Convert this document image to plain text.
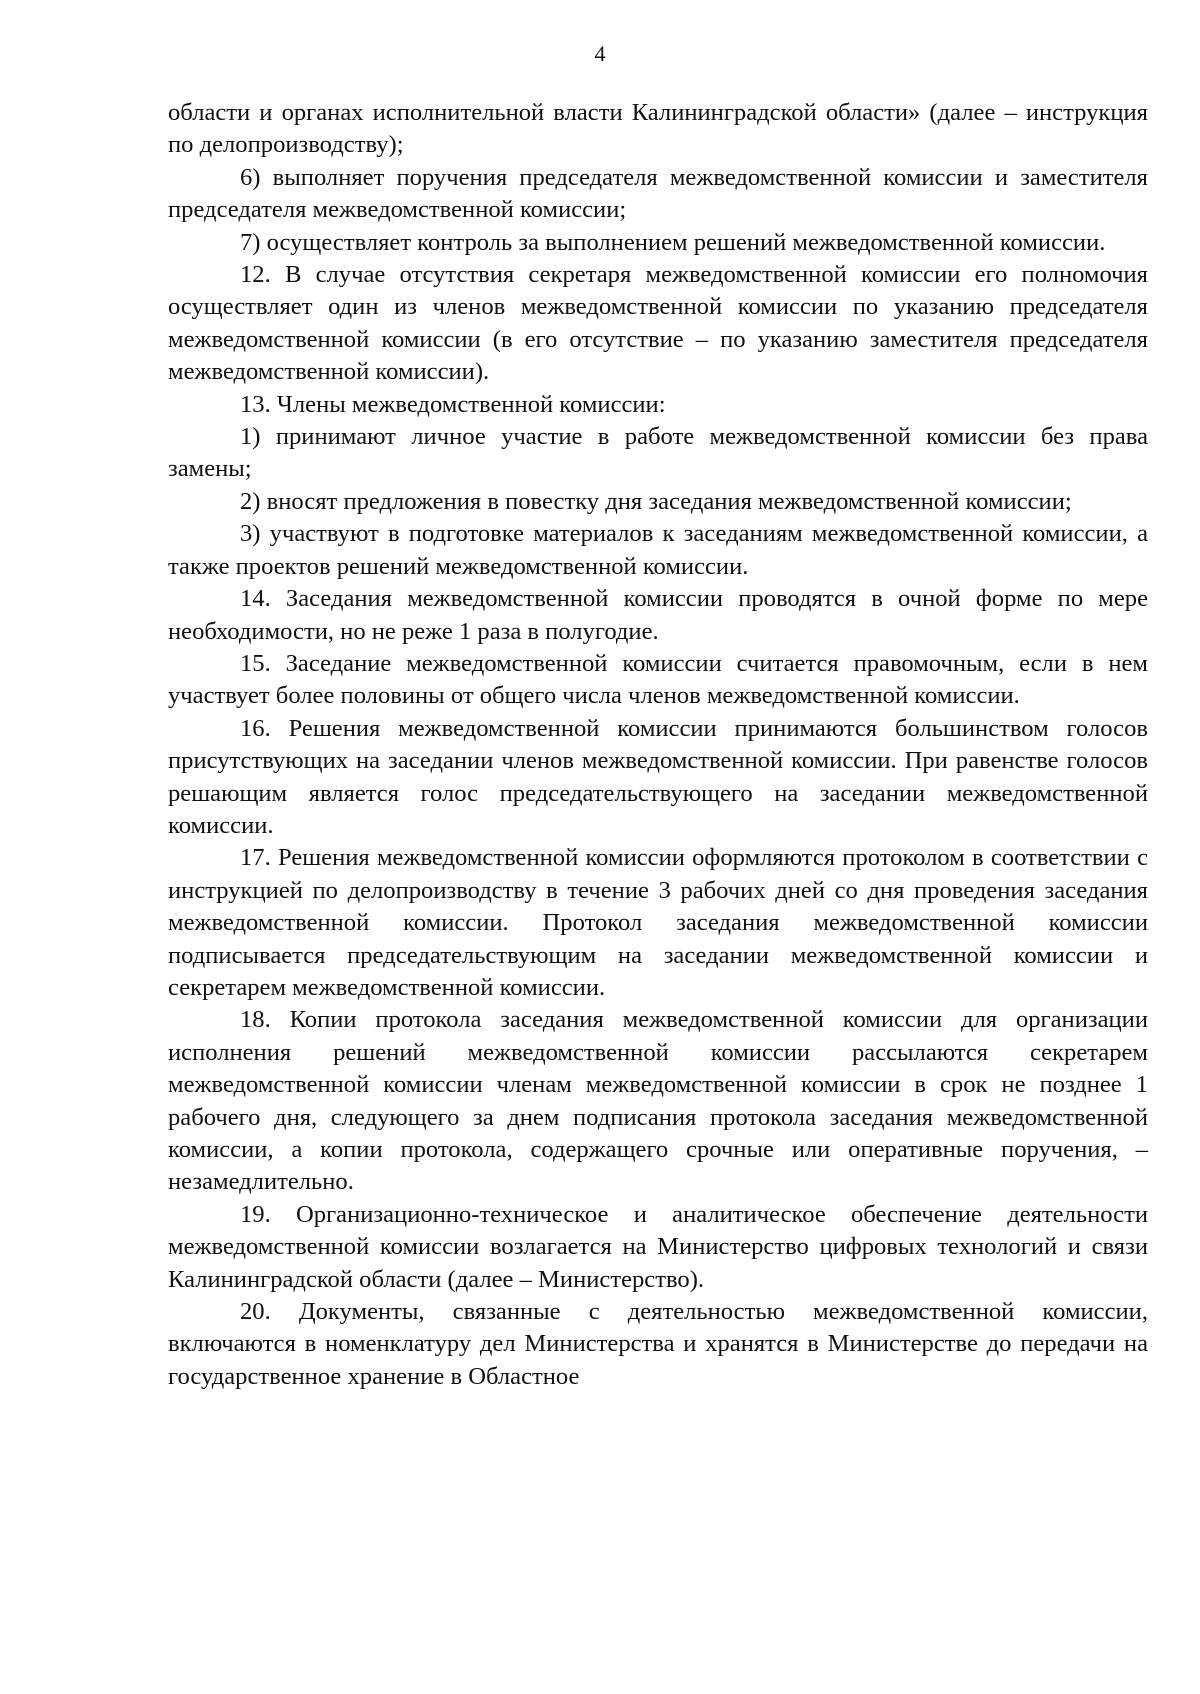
4

области и органах исполнительной власти Калининградской области» (далее – инструкция по делопроизводству);

6) выполняет поручения председателя межведомственной комиссии и заместителя председателя межведомственной комиссии;

7) осуществляет контроль за выполнением решений межведомственной комиссии.

12. В случае отсутствия секретаря межведомственной комиссии его полномочия осуществляет один из членов межведомственной комиссии по указанию председателя межведомственной комиссии (в его отсутствие – по указанию заместителя председателя межведомственной комиссии).

13. Члены межведомственной комиссии:

1) принимают личное участие в работе межведомственной комиссии без права замены;

2) вносят предложения в повестку дня заседания межведомственной комиссии;

3) участвуют в подготовке материалов к заседаниям межведомственной комиссии, а также проектов решений межведомственной комиссии.

14. Заседания межведомственной комиссии проводятся в очной форме по мере необходимости, но не реже 1 раза в полугодие.

15. Заседание межведомственной комиссии считается правомочным, если в нем участвует более половины от общего числа членов межведомственной комиссии.

16. Решения межведомственной комиссии принимаются большинством голосов присутствующих на заседании членов межведомственной комиссии. При равенстве голосов решающим является голос председательствующего на заседании межведомственной комиссии.

17. Решения межведомственной комиссии оформляются протоколом в соответствии с инструкцией по делопроизводству в течение 3 рабочих дней со дня проведения заседания межведомственной комиссии. Протокол заседания межведомственной комиссии подписывается председательствующим на заседании межведомственной комиссии и секретарем межведомственной комиссии.

18. Копии протокола заседания межведомственной комиссии для организации исполнения решений межведомственной комиссии рассылаются секретарем межведомственной комиссии членам межведомственной комиссии в срок не позднее 1 рабочего дня, следующего за днем подписания протокола заседания межведомственной комиссии, а копии протокола, содержащего срочные или оперативные поручения, – незамедлительно.

19. Организационно-техническое и аналитическое обеспечение деятельности межведомственной комиссии возлагается на Министерство цифровых технологий и связи Калининградской области (далее – Министерство).

20. Документы, связанные с деятельностью межведомственной комиссии, включаются в номенклатуру дел Министерства и хранятся в Министерстве до передачи на государственное хранение в Областное
